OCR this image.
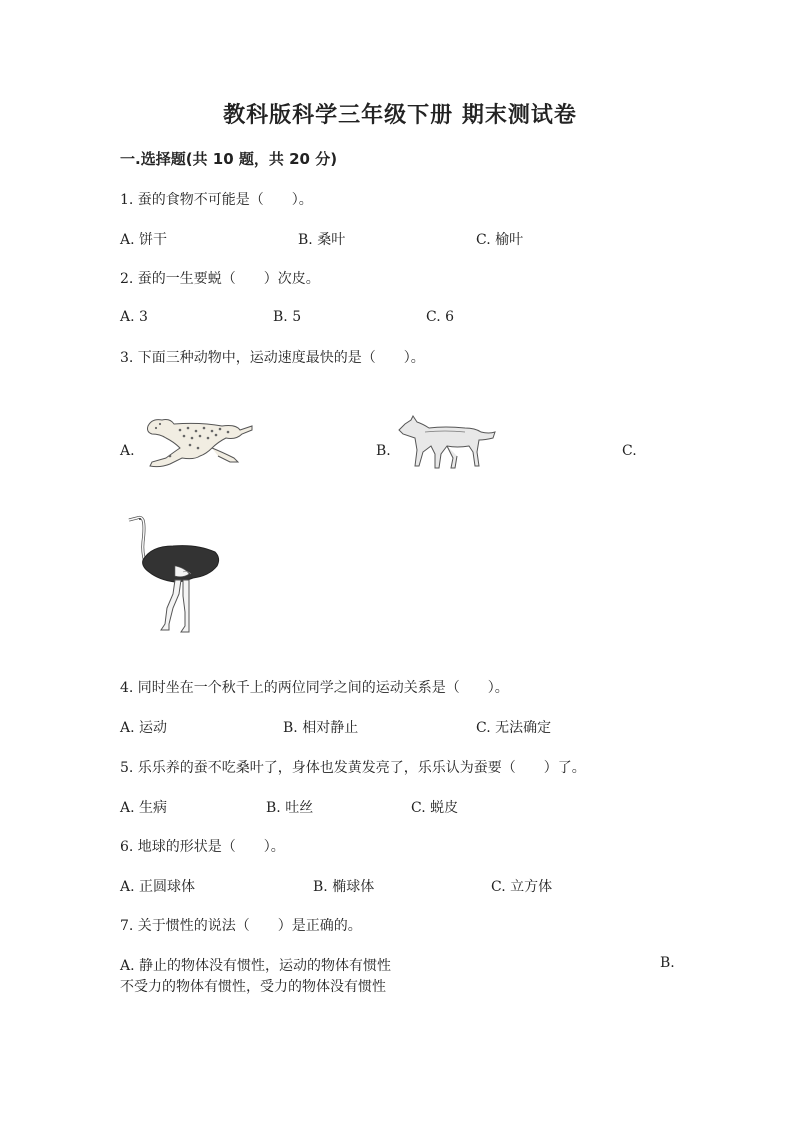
教科版科学三年级下册 期末测试卷
一.选择题(共 10 题，共 20 分)
1. 蚕的食物不可能是（　　）。
A. 饼干	B. 桑叶	C. 榆叶
2. 蚕的一生要蜕（　　）次皮。
A. 3	B. 5	C. 6
3. 下面三种动物中，运动速度最快的是（　　）。
A.	B.	C.
4. 同时坐在一个秋千上的两位同学之间的运动关系是（　　）。
A. 运动	B. 相对静止	C. 无法确定
5. 乐乐养的蚕不吃桑叶了，身体也发黄发亮了，乐乐认为蚕要（　　）了。
A. 生病	B. 吐丝	C. 蜕皮
6. 地球的形状是（　　）。
A. 正圆球体	B. 椭球体	C. 立方体
7. 关于惯性的说法（　　）是正确的。
A. 静止的物体没有惯性，运动的物体有惯性	B.
不受力的物体有惯性，受力的物体没有惯性
